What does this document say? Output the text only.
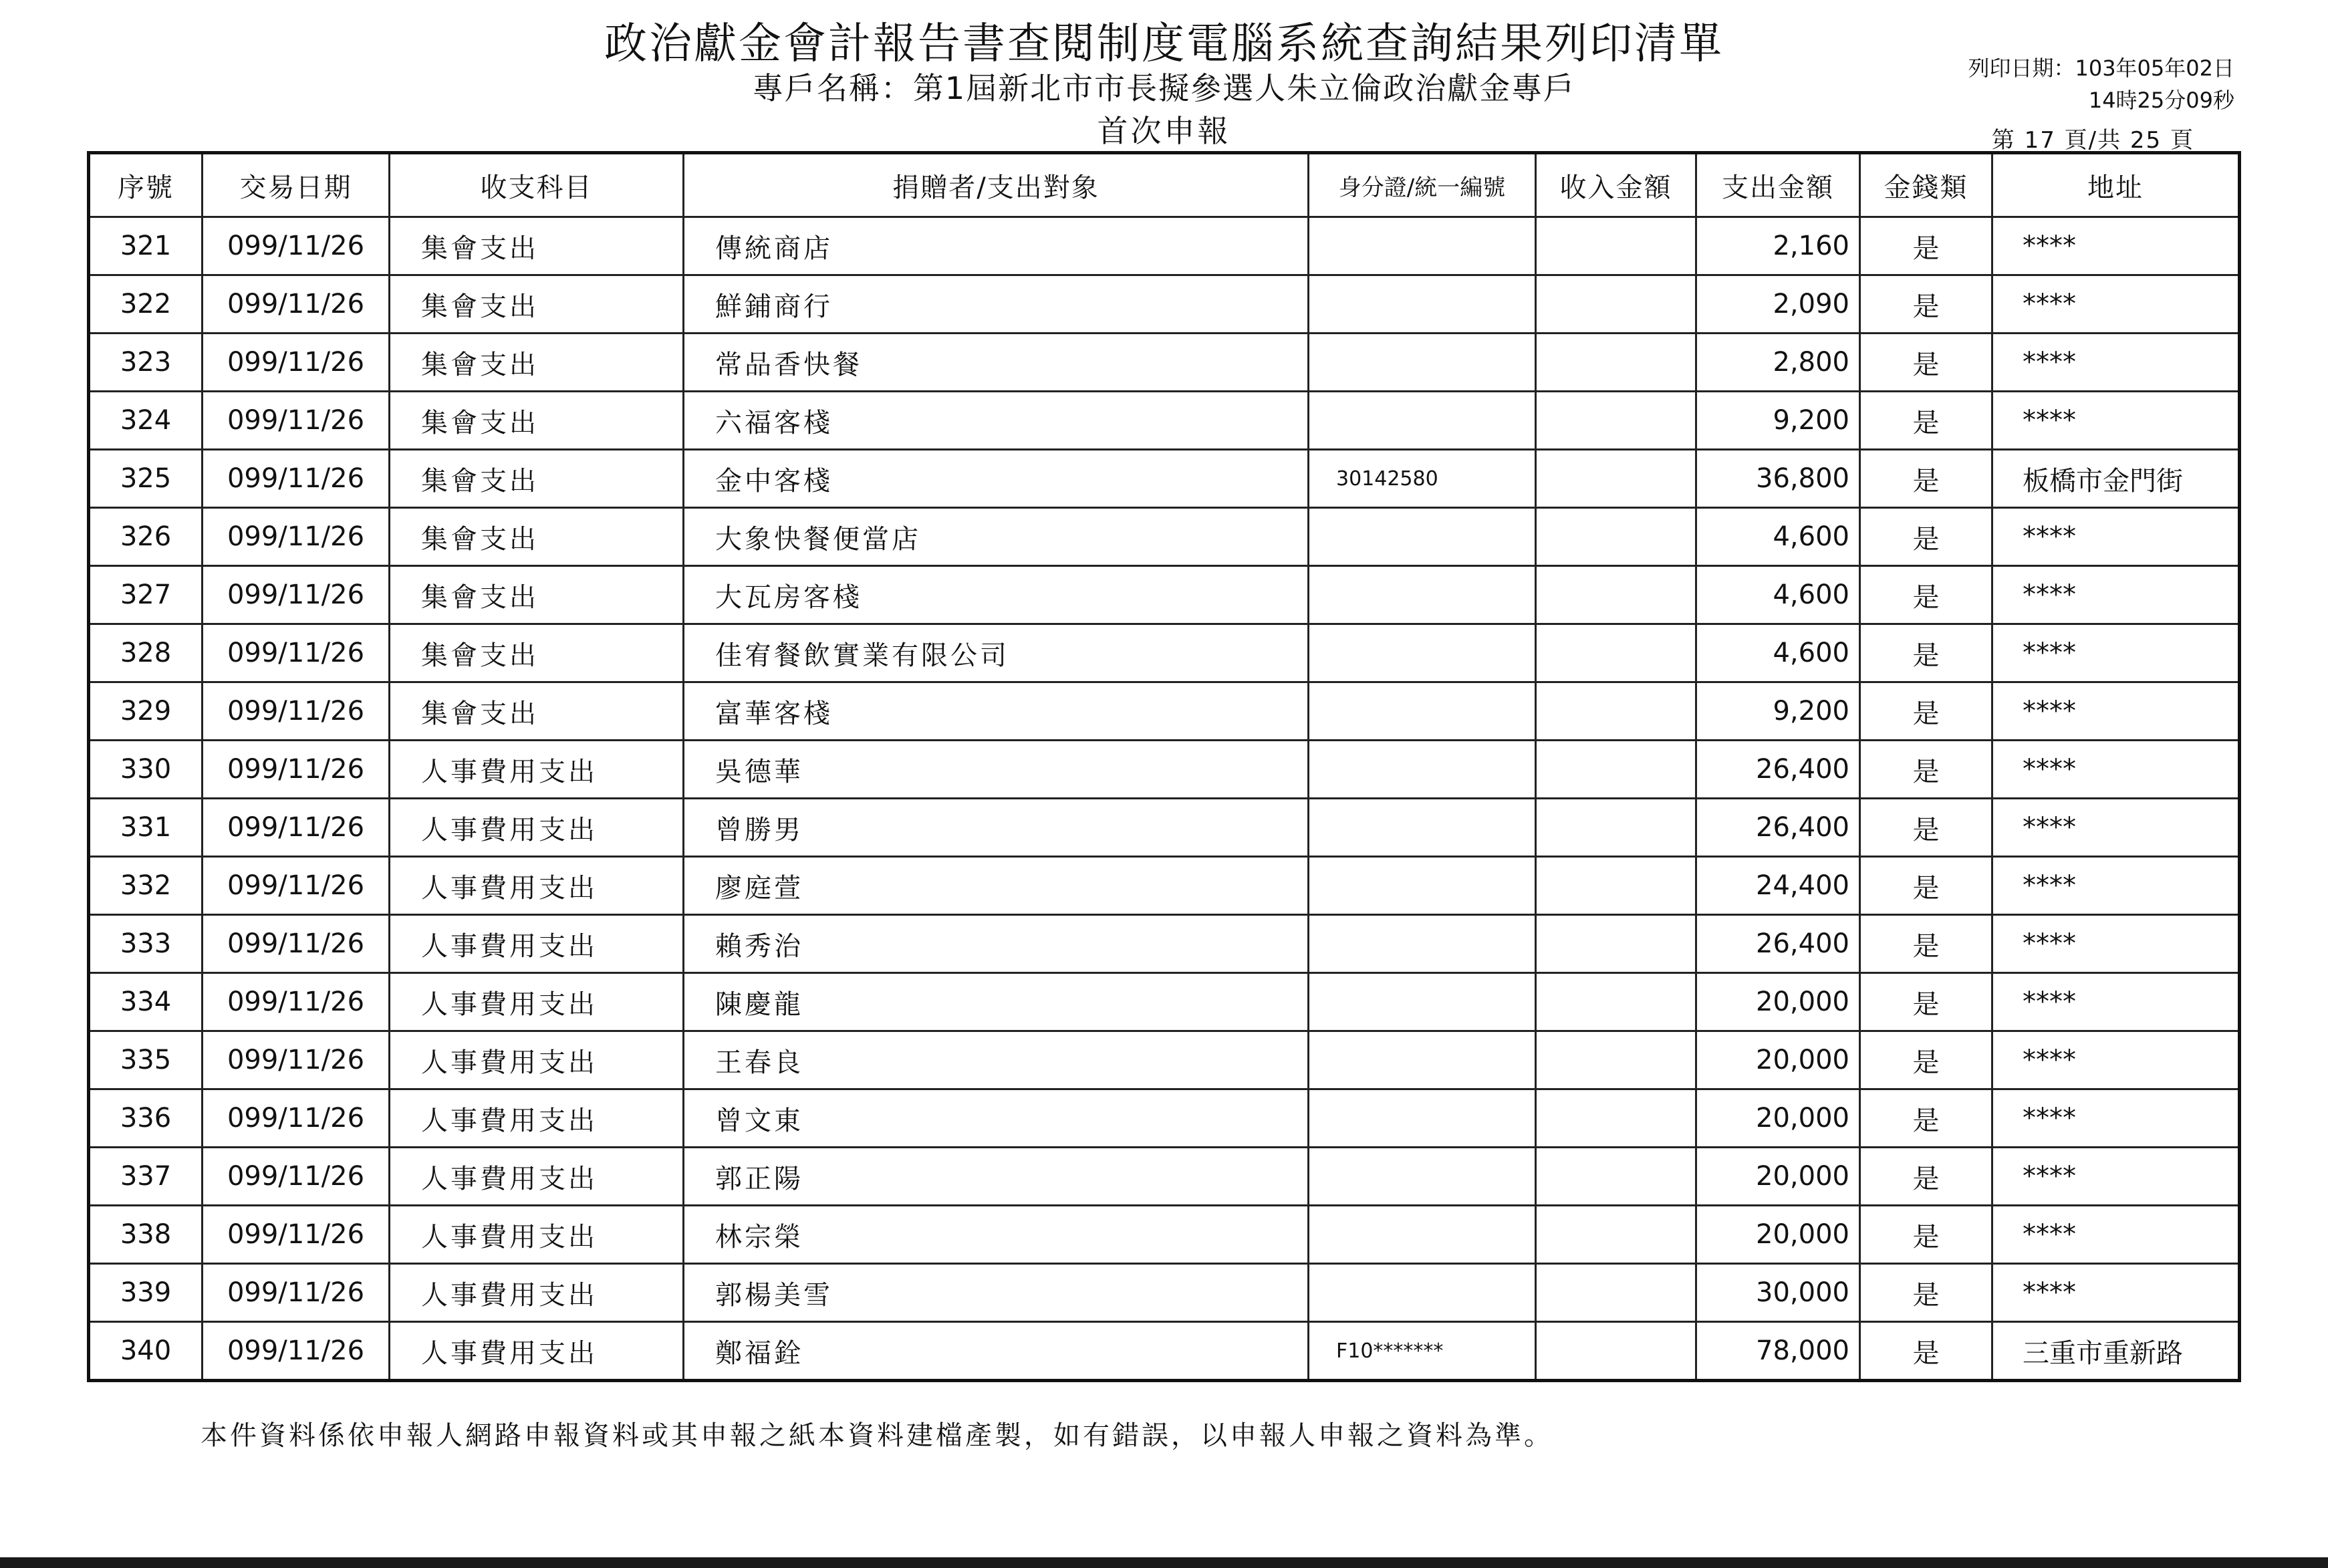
政治獻金會計報告書查閱制度電腦系統查詢結果列印清單
專戶名稱：第1屆新北市市長擬參選人朱立倫政治獻金專戶
首次申報
列印日期：103年05年02日
14時25分09秒
第 17 頁/共 25 頁
序號	交易日期	收支科目	捐贈者/支出對象	身分證/統一編號	收入金額	支出金額	金錢類	地址
321	099/11/26	集會支出	傳統商店			2,160	是	****
322	099/11/26	集會支出	鮮鋪商行			2,090	是	****
323	099/11/26	集會支出	常品香快餐			2,800	是	****
324	099/11/26	集會支出	六福客棧			9,200	是	****
325	099/11/26	集會支出	金中客棧	30142580		36,800	是	板橋市金門街
326	099/11/26	集會支出	大象快餐便當店			4,600	是	****
327	099/11/26	集會支出	大瓦房客棧			4,600	是	****
328	099/11/26	集會支出	佳宥餐飲實業有限公司			4,600	是	****
329	099/11/26	集會支出	富華客棧			9,200	是	****
330	099/11/26	人事費用支出	吳德華			26,400	是	****
331	099/11/26	人事費用支出	曾勝男			26,400	是	****
332	099/11/26	人事費用支出	廖庭萱			24,400	是	****
333	099/11/26	人事費用支出	賴秀治			26,400	是	****
334	099/11/26	人事費用支出	陳慶龍			20,000	是	****
335	099/11/26	人事費用支出	王春良			20,000	是	****
336	099/11/26	人事費用支出	曾文東			20,000	是	****
337	099/11/26	人事費用支出	郭正陽			20,000	是	****
338	099/11/26	人事費用支出	林宗榮			20,000	是	****
339	099/11/26	人事費用支出	郭楊美雪			30,000	是	****
340	099/11/26	人事費用支出	鄭福銓	F10*******		78,000	是	三重市重新路
本件資料係依申報人網路申報資料或其申報之紙本資料建檔產製，如有錯誤，以申報人申報之資料為準。
